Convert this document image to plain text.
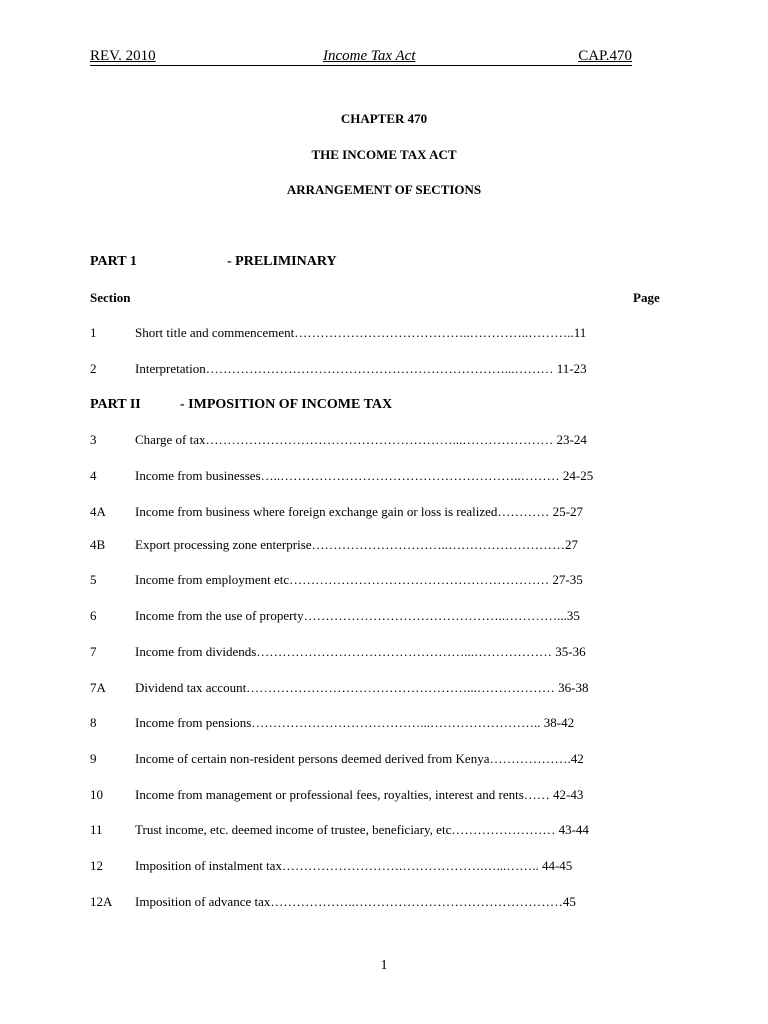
REV. 2010	Income Tax Act	CAP.470
CHAPTER 470
THE INCOME TAX ACT
ARRANGEMENT OF SECTIONS
PART 1	- PRELIMINARY
Section	Page
1	Short title and commencement…………………………………..…………..………..11
2	Interpretation……………………………………………………………...……… 11-23
PART II	- IMPOSITION OF INCOME TAX
3	Charge of tax…………………………………………………...………………… 23-24
4	Income from businesses…..………………………………………………..……… 24-25
4A Income from business where foreign exchange gain or loss is realized………… 25-27
4B Export processing zone enterprise…………………………..………………………27
5	Income from employment etc…………………………………………………… 27-35
6	Income from the use of property………………………………………..…………...35
7	Income from dividends…………………………………………...……………… 35-36
7A Dividend tax account……………………………………………...……………… 36-38
8	Income from pensions…………………………………...…………………….. 38-42
9	Income of certain non-resident persons deemed derived from Kenya……………….42
10 Income from management or professional fees, royalties, interest and rents…… 42-43
11 Trust income, etc. deemed income of trustee, beneficiary, etc…………………… 43-44
12 Imposition of instalment tax……………………….……………….…...…….. 44-45
12A Imposition of advance tax………………..…………………………………………45
1
